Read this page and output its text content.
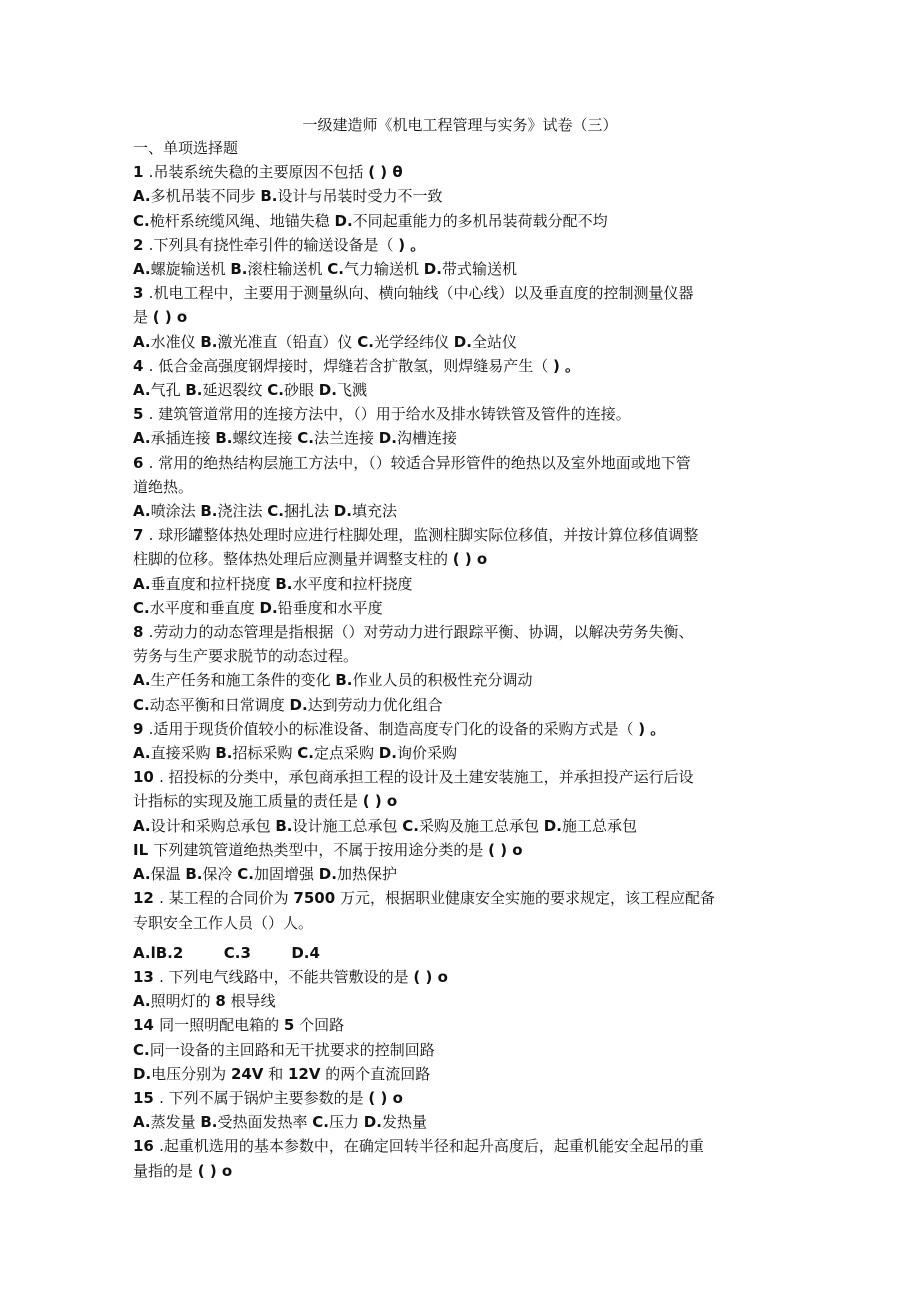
一级建造师《机电工程管理与实务》试卷（三）
一、单项选择题
1 .吊装系统失稳的主要原因不包括 ( ) θ
A.多机吊装不同步 B.设计与吊装时受力不一致
C.桅杆系统缆风绳、地锚失稳 D.不同起重能力的多机吊装荷载分配不均
2 .下列具有挠性牵引件的输送设备是（ ) 。
A.螺旋输送机 B.滚柱输送机 C.气力输送机 D.带式输送机
3 .机电工程中，主要用于测量纵向、横向轴线（中心线）以及垂直度的控制测量仪器
是 ( ) o
A.水准仪 B.激光准直（铅直）仪 C.光学经纬仪 D.全站仪
4 . 低合金高强度钢焊接时，焊缝若含扩散氢，则焊缝易产生（ ) 。
A.气孔 B.延迟裂纹 C.砂眼 D.飞溅
5 . 建筑管道常用的连接方法中，（）用于给水及排水铸铁管及管件的连接。
A.承插连接 B.螺纹连接 C.法兰连接 D.沟槽连接
6 . 常用的绝热结构层施工方法中，（）较适合异形管件的绝热以及室外地面或地下管
道绝热。
A.喷涂法 B.浇注法 C.捆扎法 D.填充法
7 . 球形罐整体热处理时应进行柱脚处理，监测柱脚实际位移值，并按计算位移值调整
柱脚的位移。整体热处理后应测量并调整支柱的 ( ) o
A.垂直度和拉杆挠度 B.水平度和拉杆挠度
C.水平度和垂直度 D.铅垂度和水平度
8 .劳动力的动态管理是指根据（）对劳动力进行跟踪平衡、协调，以解决劳务失衡、
劳务与生产要求脱节的动态过程。
A.生产任务和施工条件的变化 B.作业人员的积极性充分调动
C.动态平衡和日常调度 D.达到劳动力优化组合
9 .适用于现货价值较小的标准设备、制造高度专门化的设备的采购方式是（ ) 。
A.直接采购 B.招标采购 C.定点采购 D.询价采购
10 . 招投标的分类中，承包商承担工程的设计及土建安装施工，并承担投产运行后设
计指标的实现及施工质量的责任是 ( ) o
A.设计和采购总承包 B.设计施工总承包 C.采购及施工总承包 D.施工总承包
IL 下列建筑管道绝热类型中，不属于按用途分类的是 ( ) o
A.保温 B.保冷 C.加固增强 D.加热保护
12 . 某工程的合同价为 7500 万元，根据职业健康安全实施的要求规定，该工程应配备
专职安全工作人员（）人。
A.lB.2 　　 C.3 　　 D.4
13 . 下列电气线路中，不能共管敷设的是 ( ) o
A.照明灯的 8 根导线
14 同一照明配电箱的 5 个回路
C.同一设备的主回路和无干扰要求的控制回路
D.电压分别为 24V 和 12V 的两个直流回路
15 . 下列不属于锅炉主要参数的是 ( ) o
A.蒸发量 B.受热面发热率 C.压力 D.发热量
16 .起重机选用的基本参数中，在确定回转半径和起升高度后，起重机能安全起吊的重
量指的是 ( ) o
